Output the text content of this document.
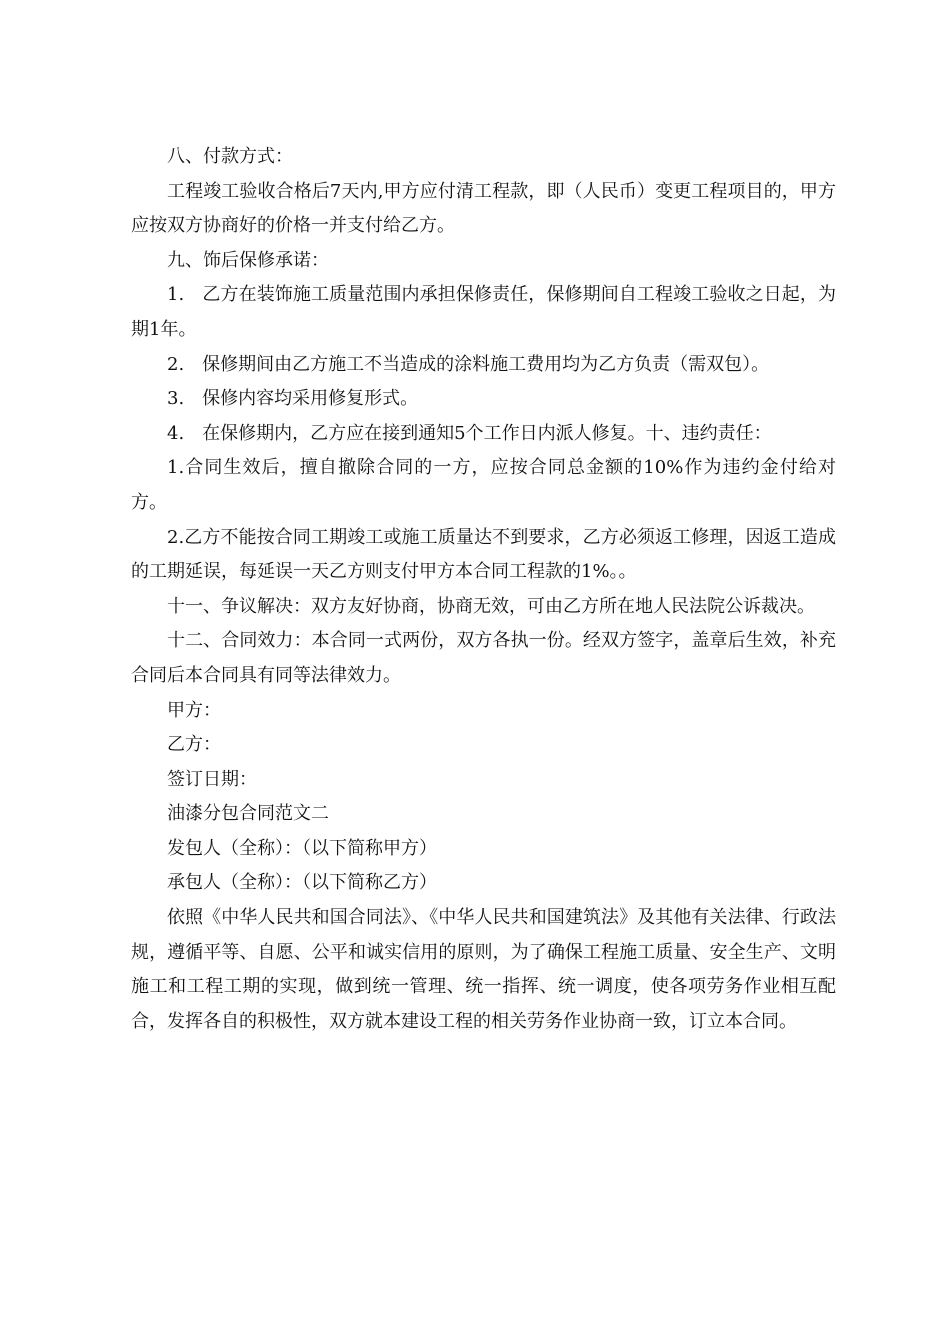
八、付款方式：

工程竣工验收合格后7天内,甲方应付清工程款，即（人民币）变更工程项目的，甲方应按双方协商好的价格一并支付给乙方。

九、饰后保修承诺：

1.　乙方在装饰施工质量范围内承担保修责任，保修期间自工程竣工验收之日起，为期1年。

2.　保修期间由乙方施工不当造成的涂料施工费用均为乙方负责（需双包）。

3.　保修内容均采用修复形式。

4.　在保修期内，乙方应在接到通知5个工作日内派人修复。十、违约责任：

1.合同生效后，擅自撤除合同的一方，应按合同总金额的10%作为违约金付给对方。

2.乙方不能按合同工期竣工或施工质量达不到要求，乙方必须返工修理，因返工造成的工期延误，每延误一天乙方则支付甲方本合同工程款的1%。。

十一、争议解决：双方友好协商，协商无效，可由乙方所在地人民法院公诉裁决。

十二、合同效力：本合同一式两份，双方各执一份。经双方签字，盖章后生效，补充合同后本合同具有同等法律效力。

甲方：

乙方：

签订日期：

油漆分包合同范文二

发包人（全称）：（以下简称甲方）

承包人（全称）：（以下简称乙方）

依照《中华人民共和国合同法》、《中华人民共和国建筑法》及其他有关法律、行政法规，遵循平等、自愿、公平和诚实信用的原则，为了确保工程施工质量、安全生产、文明施工和工程工期的实现，做到统一管理、统一指挥、统一调度，使各项劳务作业相互配合，发挥各自的积极性，双方就本建设工程的相关劳务作业协商一致，订立本合同。
